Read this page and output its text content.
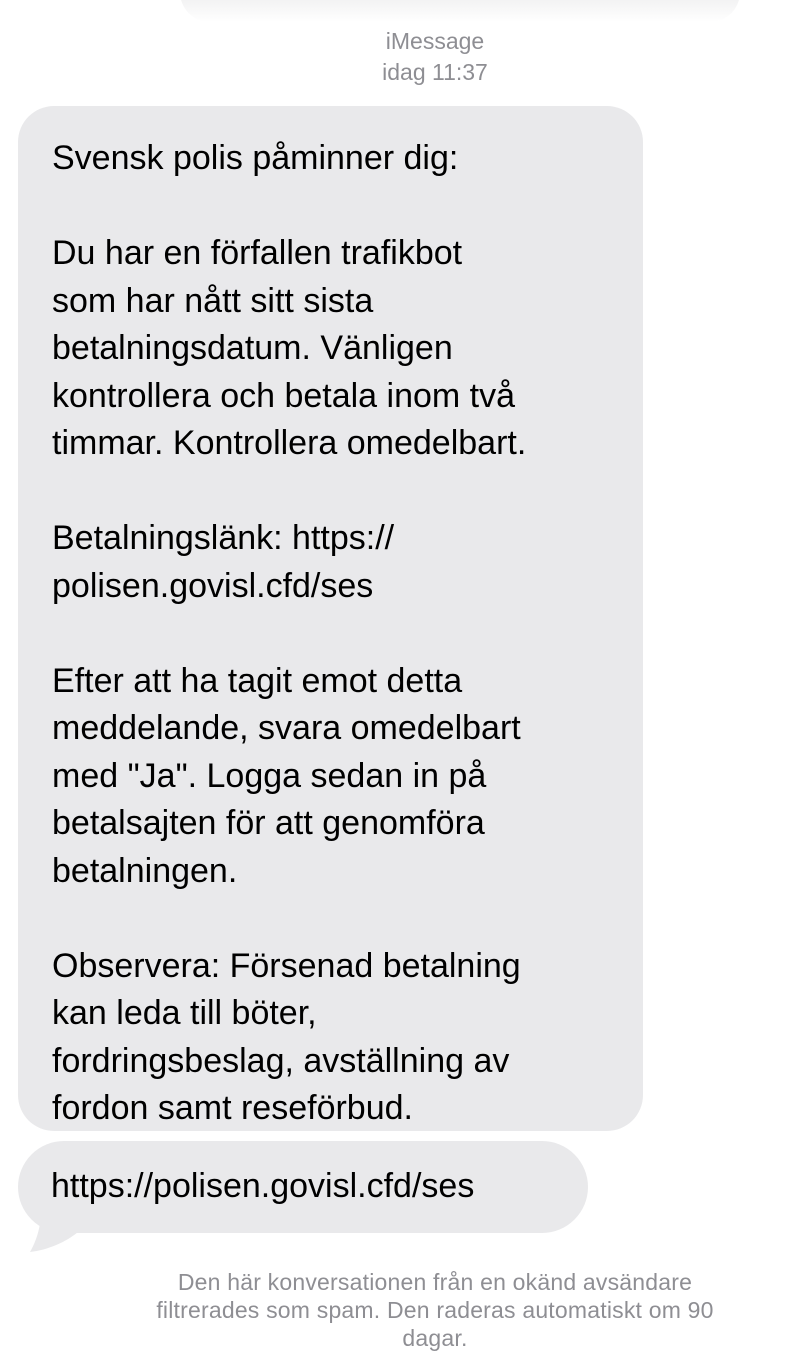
iMessage
idag 11:37

Svensk polis påminner dig:

Du har en förfallen trafikbot
som har nått sitt sista
betalningsdatum. Vänligen
kontrollera och betala inom två
timmar. Kontrollera omedelbart.

Betalningslänk: https://
polisen.govisl.cfd/ses

Efter att ha tagit emot detta
meddelande, svara omedelbart
med "Ja". Logga sedan in på
betalsajten för att genomföra
betalningen.

Observera: Försenad betalning
kan leda till böter,
fordringsbeslag, avställning av
fordon samt reseförbud.

https://polisen.govisl.cfd/ses
Den här konversationen från en okänd avsändare
filtrerades som spam. Den raderas automatiskt om 90
dagar.
